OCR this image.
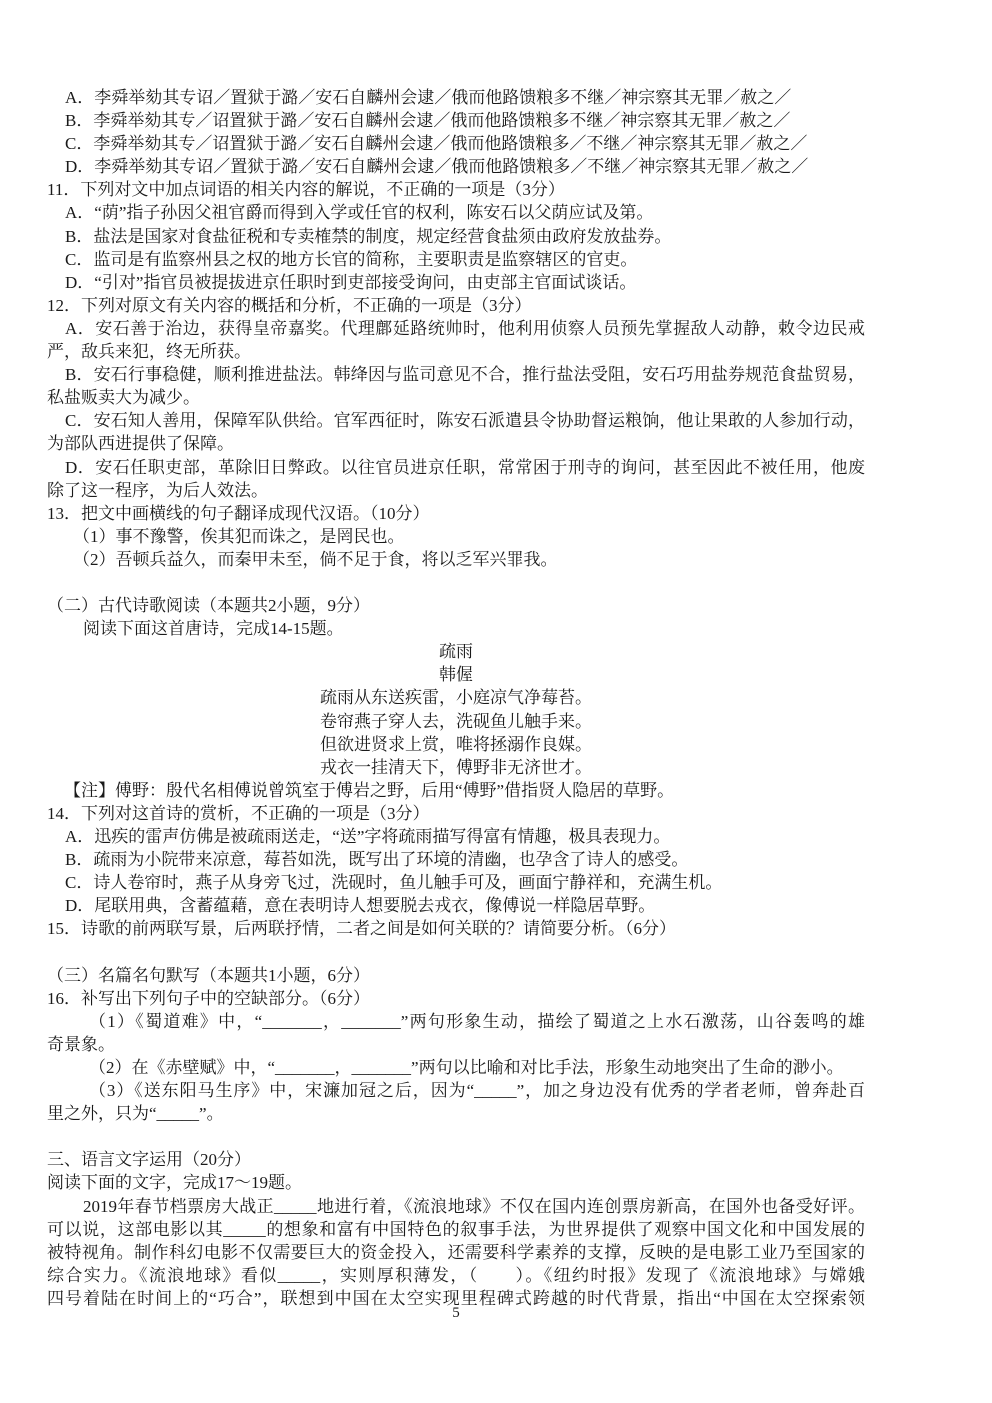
A．李舜举劾其专诏／置狱于潞／安石自麟州会逮／俄而他路馈粮多不继／神宗察其无罪／赦之／
B．李舜举劾其专／诏置狱于潞／安石自麟州会逮／俄而他路馈粮多不继／神宗察其无罪／赦之／
C．李舜举劾其专／诏置狱于潞／安石自麟州会逮／俄而他路馈粮多／不继／神宗察其无罪／赦之／
D．李舜举劾其专诏／置狱于潞／安石自麟州会逮／俄而他路馈粮多／不继／神宗察其无罪／赦之／
11．下列对文中加点词语的相关内容的解说，不正确的一项是（3分）
A．“荫”指子孙因父祖官爵而得到入学或任官的权利，陈安石以父荫应试及第。
B．盐法是国家对食盐征税和专卖榷禁的制度，规定经营食盐须由政府发放盐券。
C．监司是有监察州县之权的地方长官的简称，主要职责是监察辖区的官吏。
D．“引对”指官员被提拔进京任职时到吏部接受询问，由吏部主官面试谈话。
12．下列对原文有关内容的概括和分析，不正确的一项是（3分）
A．安石善于治边，获得皇帝嘉奖。代理鄜延路统帅时，他利用侦察人员预先掌握敌人动静，敕令边民戒
严，敌兵来犯，终无所获。
B．安石行事稳健，顺利推进盐法。韩绛因与监司意见不合，推行盐法受阻，安石巧用盐券规范食盐贸易，
私盐贩卖大为减少。
C．安石知人善用，保障军队供给。官军西征时，陈安石派遣县令协助督运粮饷，他让果敢的人参加行动，
为部队西进提供了保障。
D．安石任职吏部，革除旧日弊政。以往官员进京任职，常常困于刑寺的询问，甚至因此不被任用，他废
除了这一程序，为后人效法。
13．把文中画横线的句子翻译成现代汉语。（10分）
（1）事不豫警，俟其犯而诛之，是罔民也。
（2）吾顿兵益久，而秦甲未至，倘不足于食，将以乏军兴罪我。

（二）古代诗歌阅读（本题共2小题，9分）
阅读下面这首唐诗，完成14-15题。
疏雨
韩偓
疏雨从东送疾雷，小庭凉气净莓苔。
卷帘燕子穿人去，洗砚鱼儿触手来。
但欲进贤求上赏，唯将拯溺作良媒。
戎衣一挂清天下，傅野非无济世才。
【注】傅野：殷代名相傅说曾筑室于傅岩之野，后用“傅野”借指贤人隐居的草野。
14．下列对这首诗的赏析，不正确的一项是（3分）
A．迅疾的雷声仿佛是被疏雨送走，“送”字将疏雨描写得富有情趣，极具表现力。
B．疏雨为小院带来凉意，莓苔如洗，既写出了环境的清幽，也孕含了诗人的感受。
C．诗人卷帘时，燕子从身旁飞过，洗砚时，鱼儿触手可及，画面宁静祥和，充满生机。
D．尾联用典，含蓄蕴藉，意在表明诗人想要脱去戎衣，像傅说一样隐居草野。
15．诗歌的前两联写景，后两联抒情，二者之间是如何关联的？请简要分析。（6分）

（三）名篇名句默写（本题共1小题，6分）
16．补写出下列句子中的空缺部分。（6分）
（1）《蜀道难》中，“_______，_______”两句形象生动，描绘了蜀道之上水石激荡，山谷轰鸣的雄
奇景象。
（2）在《赤壁赋》中，“_______，_______”两句以比喻和对比手法，形象生动地突出了生命的渺小。
（3）《送东阳马生序》中，宋濂加冠之后，因为“_____”，加之身边没有优秀的学者老师，曾奔赴百
里之外，只为“_____”。

三、语言文字运用（20分）
阅读下面的文字，完成17～19题。
2019年春节档票房大战正_____地进行着，《流浪地球》不仅在国内连创票房新高，在国外也备受好评。
可以说，这部电影以其_____的想象和富有中国特色的叙事手法，为世界提供了观察中国文化和中国发展的
被特视角。制作科幻电影不仅需要巨大的资金投入，还需要科学素养的支撑，反映的是电影工业乃至国家的
综合实力。《流浪地球》看似_____，实则厚积薄发，（　　）。《纽约时报》发现了《流浪地球》与嫦娥
四号着陆在时间上的“巧合”，联想到中国在太空实现里程碑式跨越的时代背景，指出“中国在太空探索领
5
